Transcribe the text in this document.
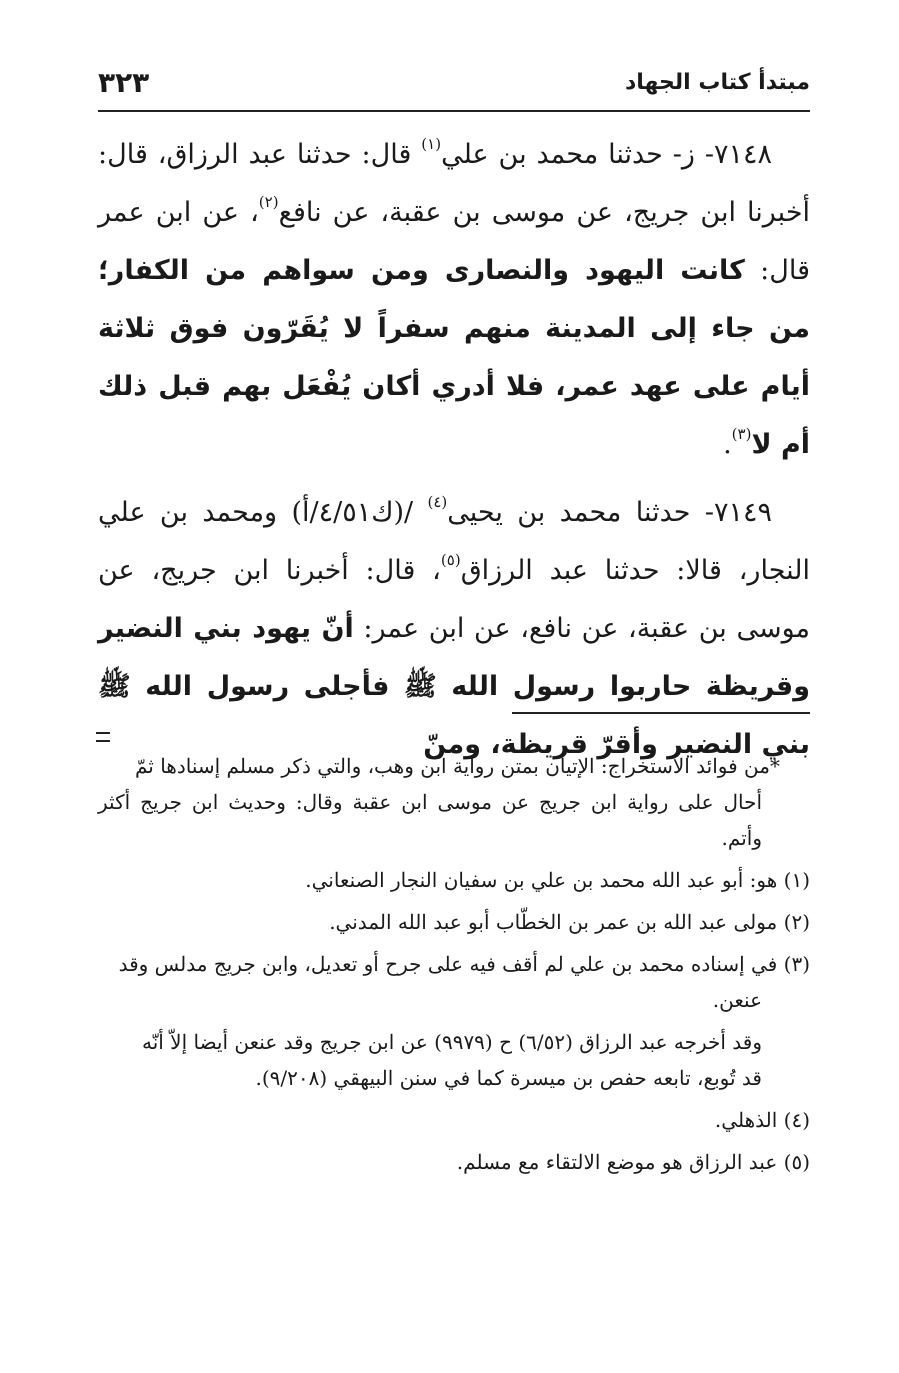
مبتدأ كتاب الجهاد
٣٢٣

٧١٤٨- ز- حدثنا محمد بن علي$^{(١)}$ قال: حدثنا عبد الرزاق، قال: أخبرنا ابن جريج، عن موسى بن عقبة، عن نافع$^{(٢)}$، عن ابن عمر قال: كانت اليهود والنصارى ومن سواهم من الكفار؛ من جاء إلى المدينة منهم سفراً لا يُقَرّون فوق ثلاثة أيام على عهد عمر، فلا أدري أكان يُفْعَل بهم قبل ذلك أم لا$^{(٣)}$.

٧١٤٩- حدثنا محمد بن يحيى$^{(٤)}$ /(ك٤/٥١/أ) ومحمد بن علي النجار، قالا: حدثنا عبد الرزاق$^{(٥)}$، قال: أخبرنا ابن جريج، عن موسى بن عقبة، عن نافع، عن ابن عمر: أنّ يهود بني النضير وقريظة حاربوا رسول الله ﷺ فأجلى رسول الله ﷺ بني النضير وأقرّ قريظة، ومنّ

*من فوائد الاستخراج: الإتيان بمتن رواية ابن وهب، والتي ذكر مسلم إسنادها ثمّ

أحال على رواية ابن جريج عن موسى ابن عقبة وقال: وحديث ابن جريج أكثر وأتم.

(١) هو: أبو عبد الله محمد بن علي بن سفيان النجار الصنعاني.

(٢) مولى عبد الله بن عمر بن الخطّاب أبو عبد الله المدني.

(٣) في إسناده محمد بن علي لم أقف فيه على جرح أو تعديل، وابن جريج مدلس وقد

عنعن.

وقد أخرجه عبد الرزاق (٦/٥٢) ح (٩٩٧٩) عن ابن جريج وقد عنعن أيضا إلاّ أنّه

قد تُوبع، تابعه حفص بن ميسرة كما في سنن البيهقي (٩/٢٠٨).

(٤) الذهلي.

(٥) عبد الرزاق هو موضع الالتقاء مع مسلم.
